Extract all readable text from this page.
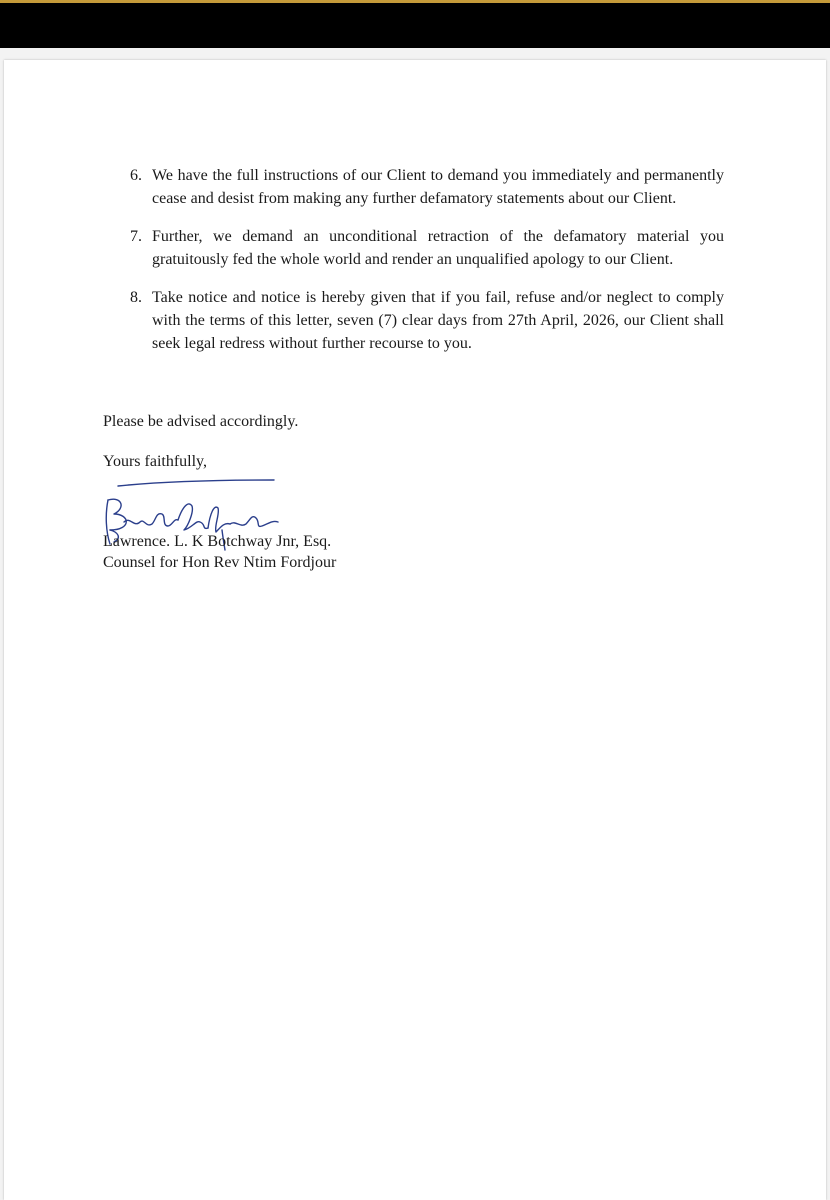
6. We have the full instructions of our Client to demand you immediately and permanently cease and desist from making any further defamatory statements about our Client.
7. Further, we demand an unconditional retraction of the defamatory material you gratuitously fed the whole world and render an unqualified apology to our Client.
8. Take notice and notice is hereby given that if you fail, refuse and/or neglect to comply with the terms of this letter, seven (7) clear days from 27th April, 2026, our Client shall seek legal redress without further recourse to you.
Please be advised accordingly.
Yours faithfully,
Lawrence. L. K Botchway Jnr, Esq.
Counsel for Hon Rev Ntim Fordjour
